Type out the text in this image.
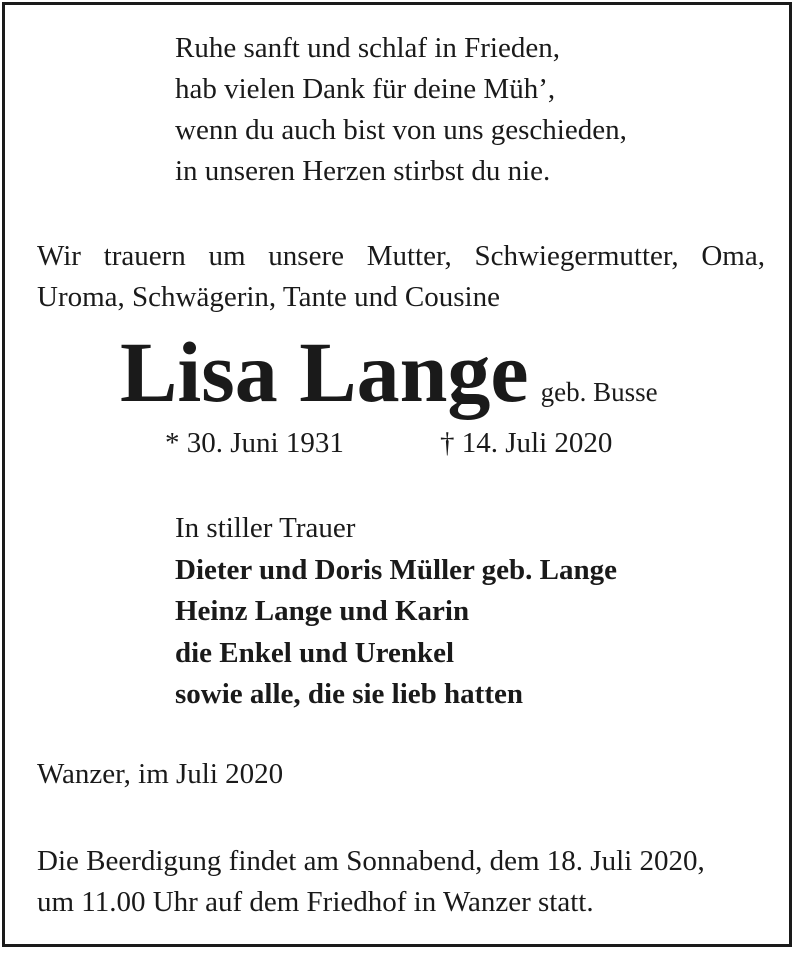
Ruhe sanft und schlaf in Frieden,
hab vielen Dank für deine Müh’,
wenn du auch bist von uns geschieden,
in unseren Herzen stirbst du nie.
Wir trauern um unsere Mutter, Schwiegermutter, Oma,
Uroma, Schwägerin, Tante und Cousine
Lisa Lange geb. Busse
* 30. Juni 1931	† 14. Juli 2020
In stiller Trauer
Dieter und Doris Müller geb. Lange
Heinz Lange und Karin
die Enkel und Urenkel
sowie alle, die sie lieb hatten
Wanzer, im Juli 2020
Die Beerdigung findet am Sonnabend, dem 18. Juli 2020,
um 11.00 Uhr auf dem Friedhof in Wanzer statt.
